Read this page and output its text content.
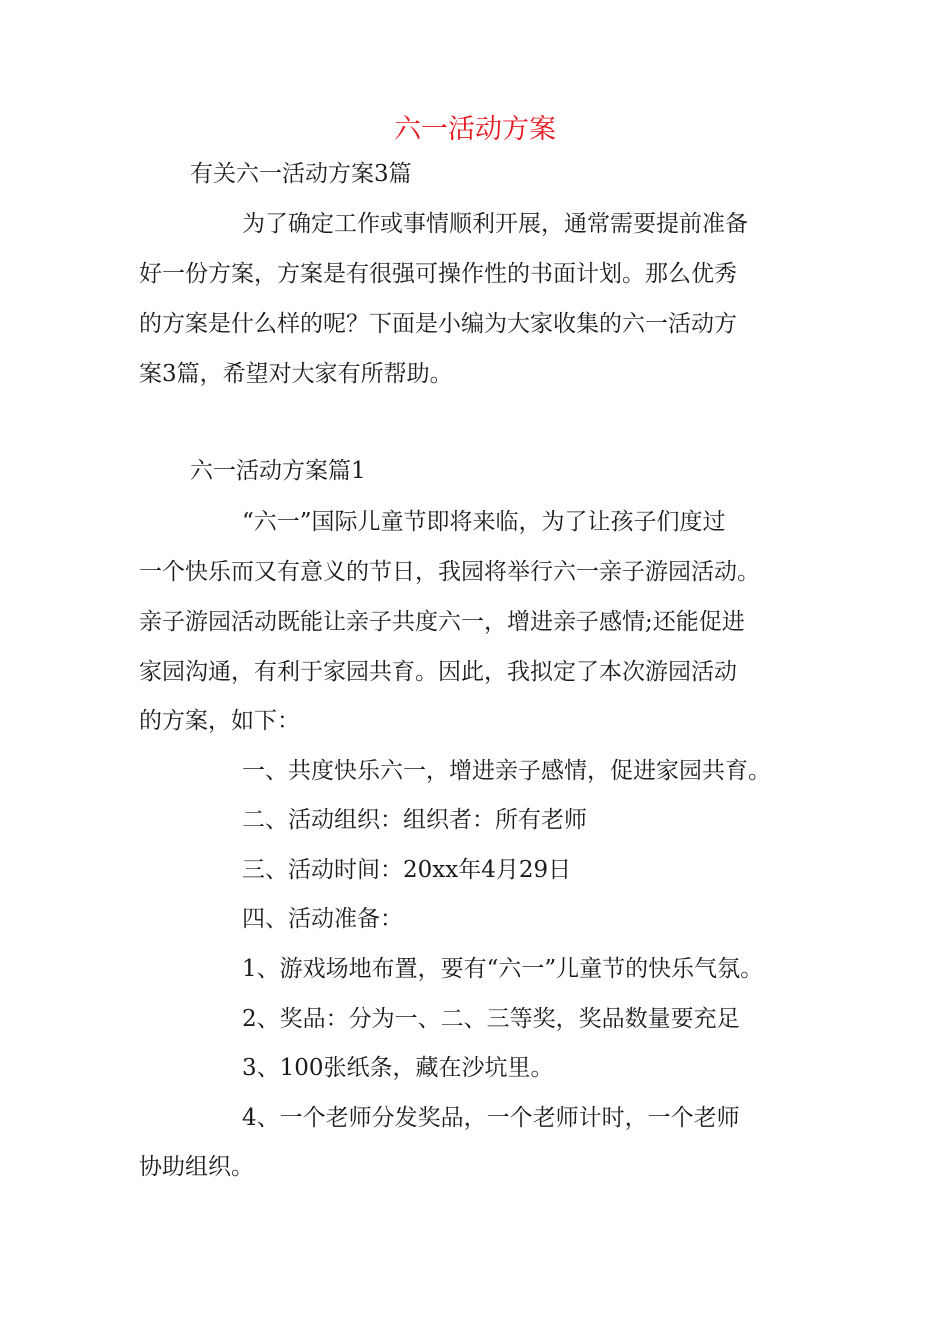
六一活动方案

有关六一活动方案3篇

为了确定工作或事情顺利开展，通常需要提前准备

好一份方案，方案是有很强可操作性的书面计划。那么优秀

的方案是什么样的呢？下面是小编为大家收集的六一活动方

案3篇，希望对大家有所帮助。

六一活动方案篇1

“六一”国际儿童节即将来临，为了让孩子们度过

一个快乐而又有意义的节日，我园将举行六一亲子游园活动。

亲子游园活动既能让亲子共度六一，增进亲子感情;还能促进

家园沟通，有利于家园共育。因此，我拟定了本次游园活动

的方案，如下：

一、共度快乐六一，增进亲子感情，促进家园共育。

二、活动组织：组织者：所有老师

三、活动时间：20xx年4月29日

四、活动准备：

1、游戏场地布置，要有“六一”儿童节的快乐气氛。

2、奖品：分为一、二、三等奖，奖品数量要充足

3、100张纸条，藏在沙坑里。

4、一个老师分发奖品，一个老师计时，一个老师

协助组织。
